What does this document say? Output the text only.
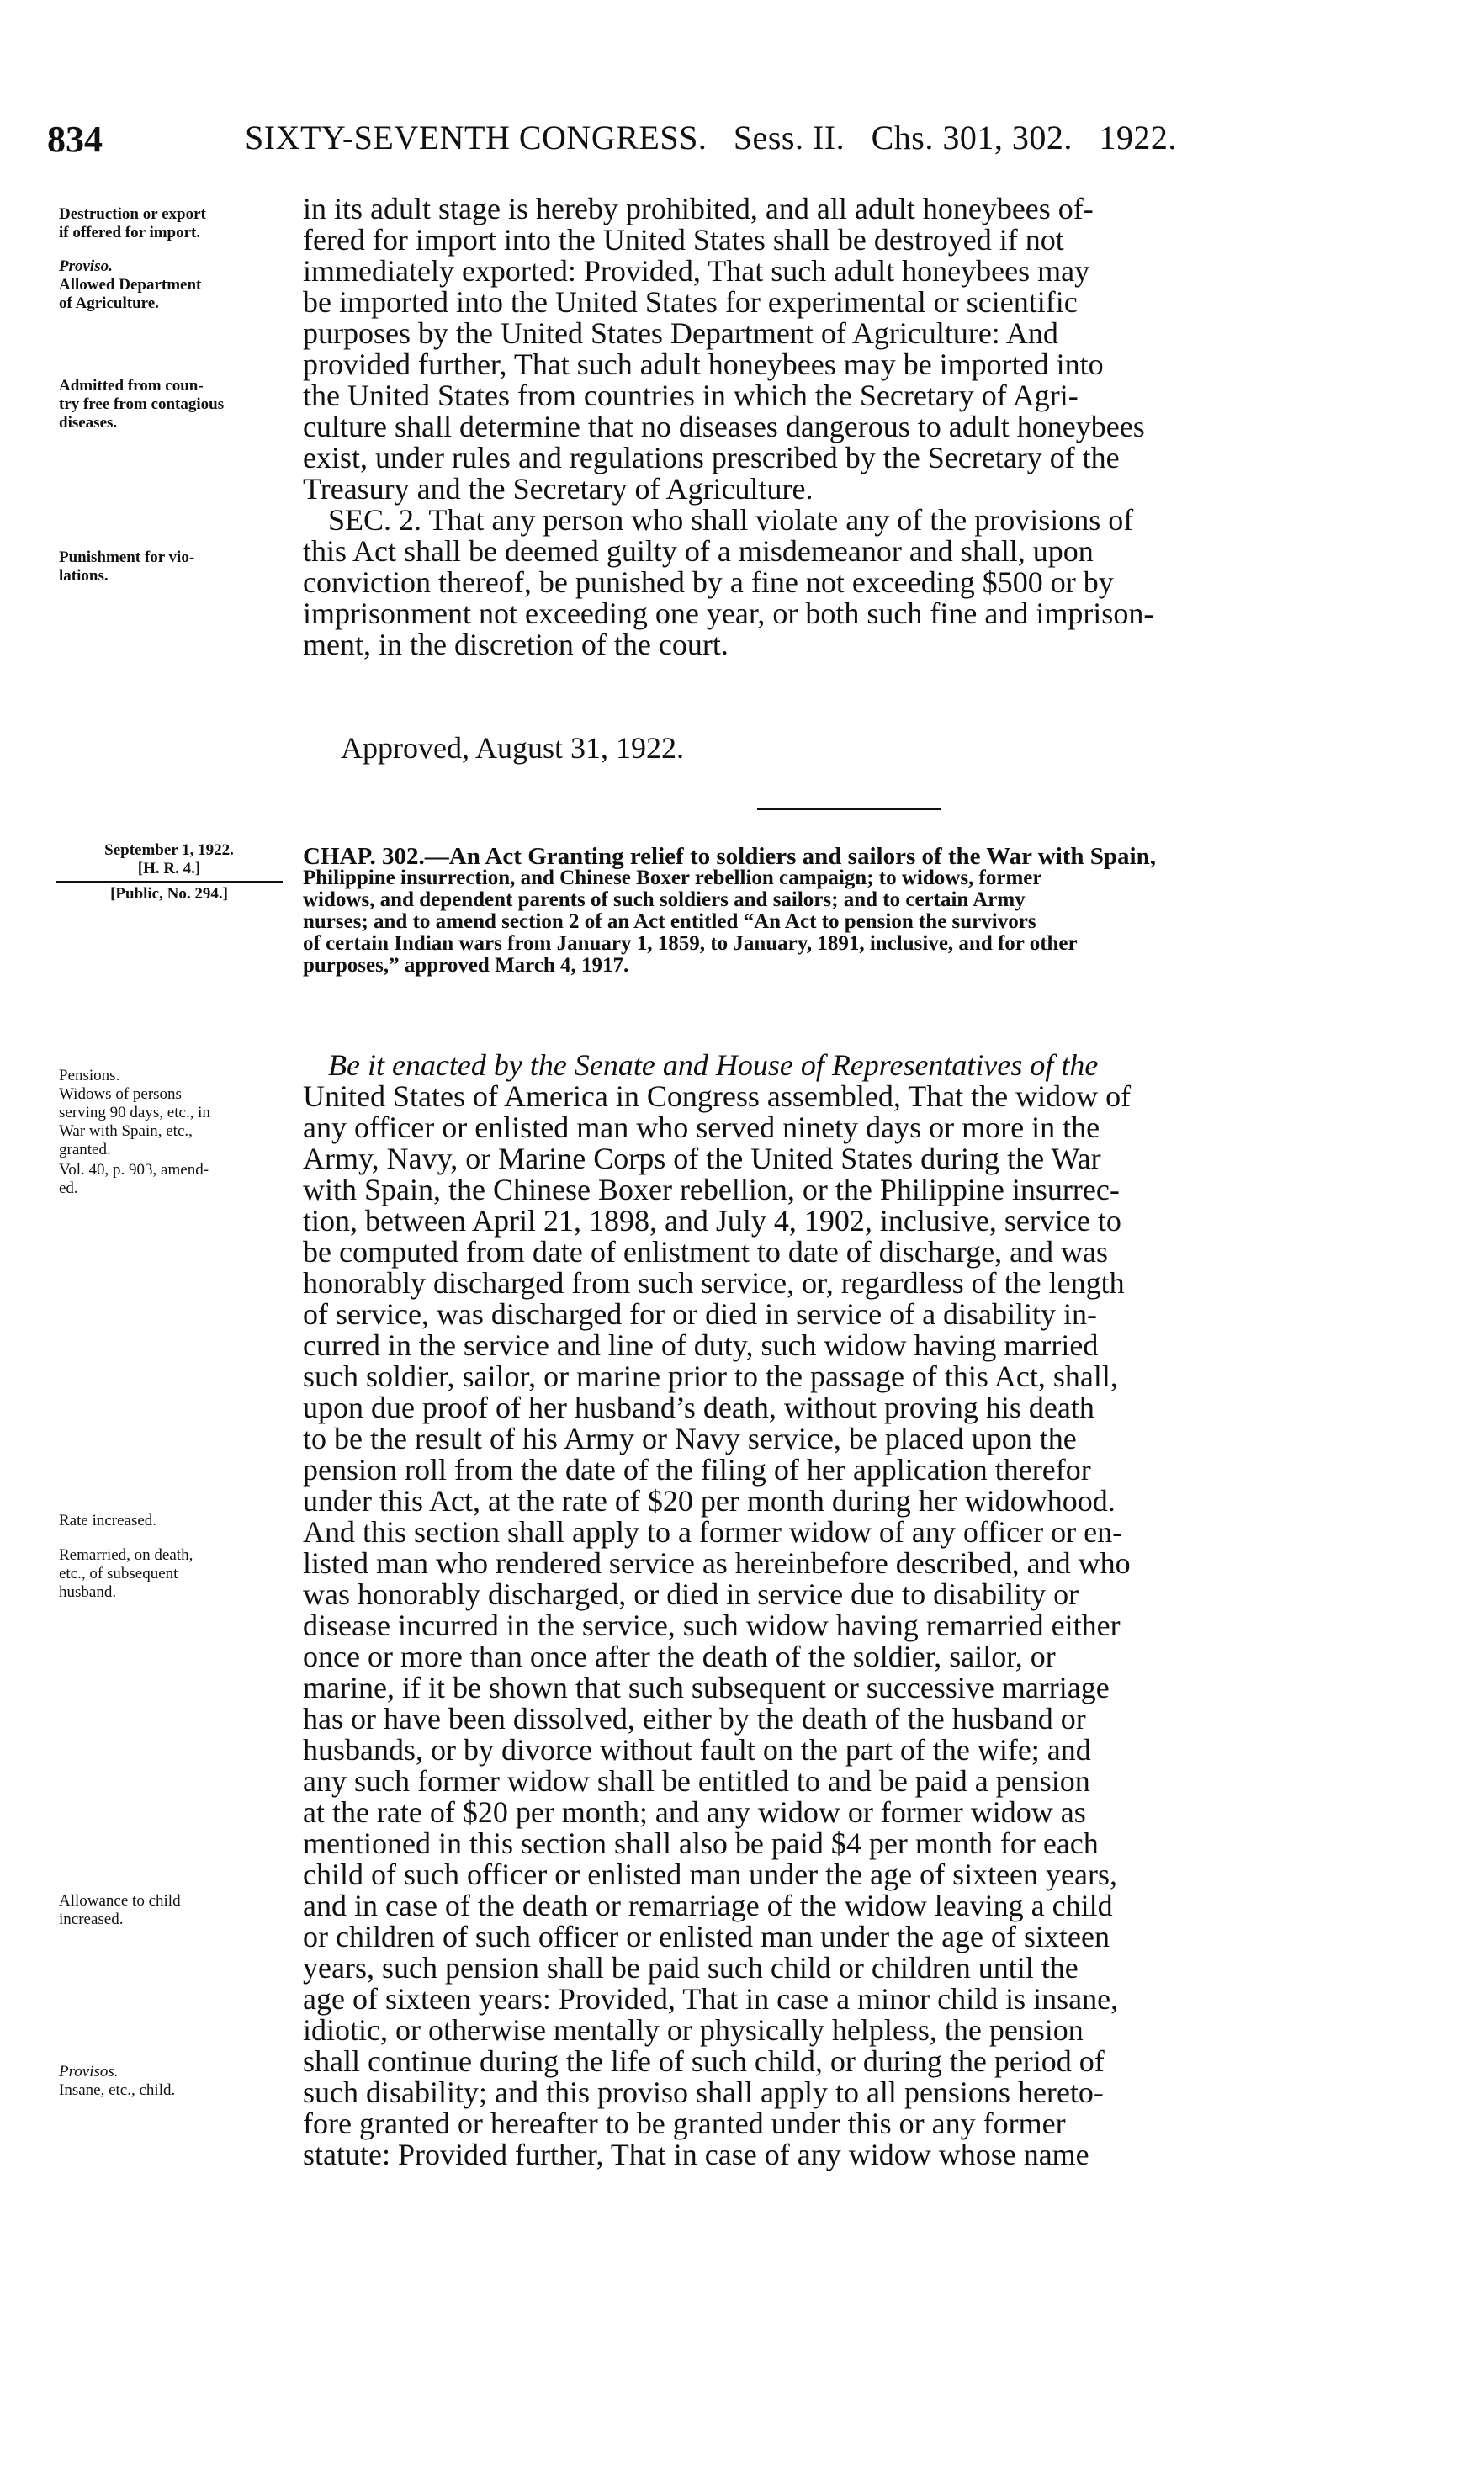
834	SIXTY-SEVENTH CONGRESS.   Sess. II.   Chs. 301, 302.   1922.
Destruction or export
if offered for import.
Proviso.
Allowed Department
of Agriculture.
Admitted from coun-
try free from contagious
diseases.
Punishment for vio-
lations.
in its adult stage is hereby prohibited, and all adult honeybees of-
fered for import into the United States shall be destroyed if not
immediately exported: Provided, That such adult honeybees may
be imported into the United States for experimental or scientific
purposes by the United States Department of Agriculture: And
provided further, That such adult honeybees may be imported into
the United States from countries in which the Secretary of Agri-
culture shall determine that no diseases dangerous to adult honeybees
exist, under rules and regulations prescribed by the Secretary of the
Treasury and the Secretary of Agriculture.
SEC. 2. That any person who shall violate any of the provisions of
this Act shall be deemed guilty of a misdemeanor and shall, upon
conviction thereof, be punished by a fine not exceeding $500 or by
imprisonment not exceeding one year, or both such fine and imprison-
ment, in the discretion of the court.
Approved, August 31, 1922.
September 1, 1922.
[H. R. 4.]
[Public, No. 294.]
CHAP. 302.—An Act Granting relief to soldiers and sailors of the War with Spain,
Philippine insurrection, and Chinese Boxer rebellion campaign; to widows, former
widows, and dependent parents of such soldiers and sailors; and to certain Army
nurses; and to amend section 2 of an Act entitled “An Act to pension the survivors
of certain Indian wars from January 1, 1859, to January, 1891, inclusive, and for other
purposes,” approved March 4, 1917.
Pensions.
Widows of persons
serving 90 days, etc., in
War with Spain, etc.,
granted.
Vol. 40, p. 903, amend-
ed.
Rate increased.
Remarried, on death,
etc., of subsequent
husband.
Allowance to child
increased.
Provisos.
Insane, etc., child.
Be it enacted by the Senate and House of Representatives of the
United States of America in Congress assembled, That the widow of
any officer or enlisted man who served ninety days or more in the
Army, Navy, or Marine Corps of the United States during the War
with Spain, the Chinese Boxer rebellion, or the Philippine insurrec-
tion, between April 21, 1898, and July 4, 1902, inclusive, service to
be computed from date of enlistment to date of discharge, and was
honorably discharged from such service, or, regardless of the length
of service, was discharged for or died in service of a disability in-
curred in the service and line of duty, such widow having married
such soldier, sailor, or marine prior to the passage of this Act, shall,
upon due proof of her husband’s death, without proving his death
to be the result of his Army or Navy service, be placed upon the
pension roll from the date of the filing of her application therefor
under this Act, at the rate of $20 per month during her widowhood.
And this section shall apply to a former widow of any officer or en-
listed man who rendered service as hereinbefore described, and who
was honorably discharged, or died in service due to disability or
disease incurred in the service, such widow having remarried either
once or more than once after the death of the soldier, sailor, or
marine, if it be shown that such subsequent or successive marriage
has or have been dissolved, either by the death of the husband or
husbands, or by divorce without fault on the part of the wife; and
any such former widow shall be entitled to and be paid a pension
at the rate of $20 per month; and any widow or former widow as
mentioned in this section shall also be paid $4 per month for each
child of such officer or enlisted man under the age of sixteen years,
and in case of the death or remarriage of the widow leaving a child
or children of such officer or enlisted man under the age of sixteen
years, such pension shall be paid such child or children until the
age of sixteen years: Provided, That in case a minor child is insane,
idiotic, or otherwise mentally or physically helpless, the pension
shall continue during the life of such child, or during the period of
such disability; and this proviso shall apply to all pensions hereto-
fore granted or hereafter to be granted under this or any former
statute: Provided further, That in case of any widow whose name
